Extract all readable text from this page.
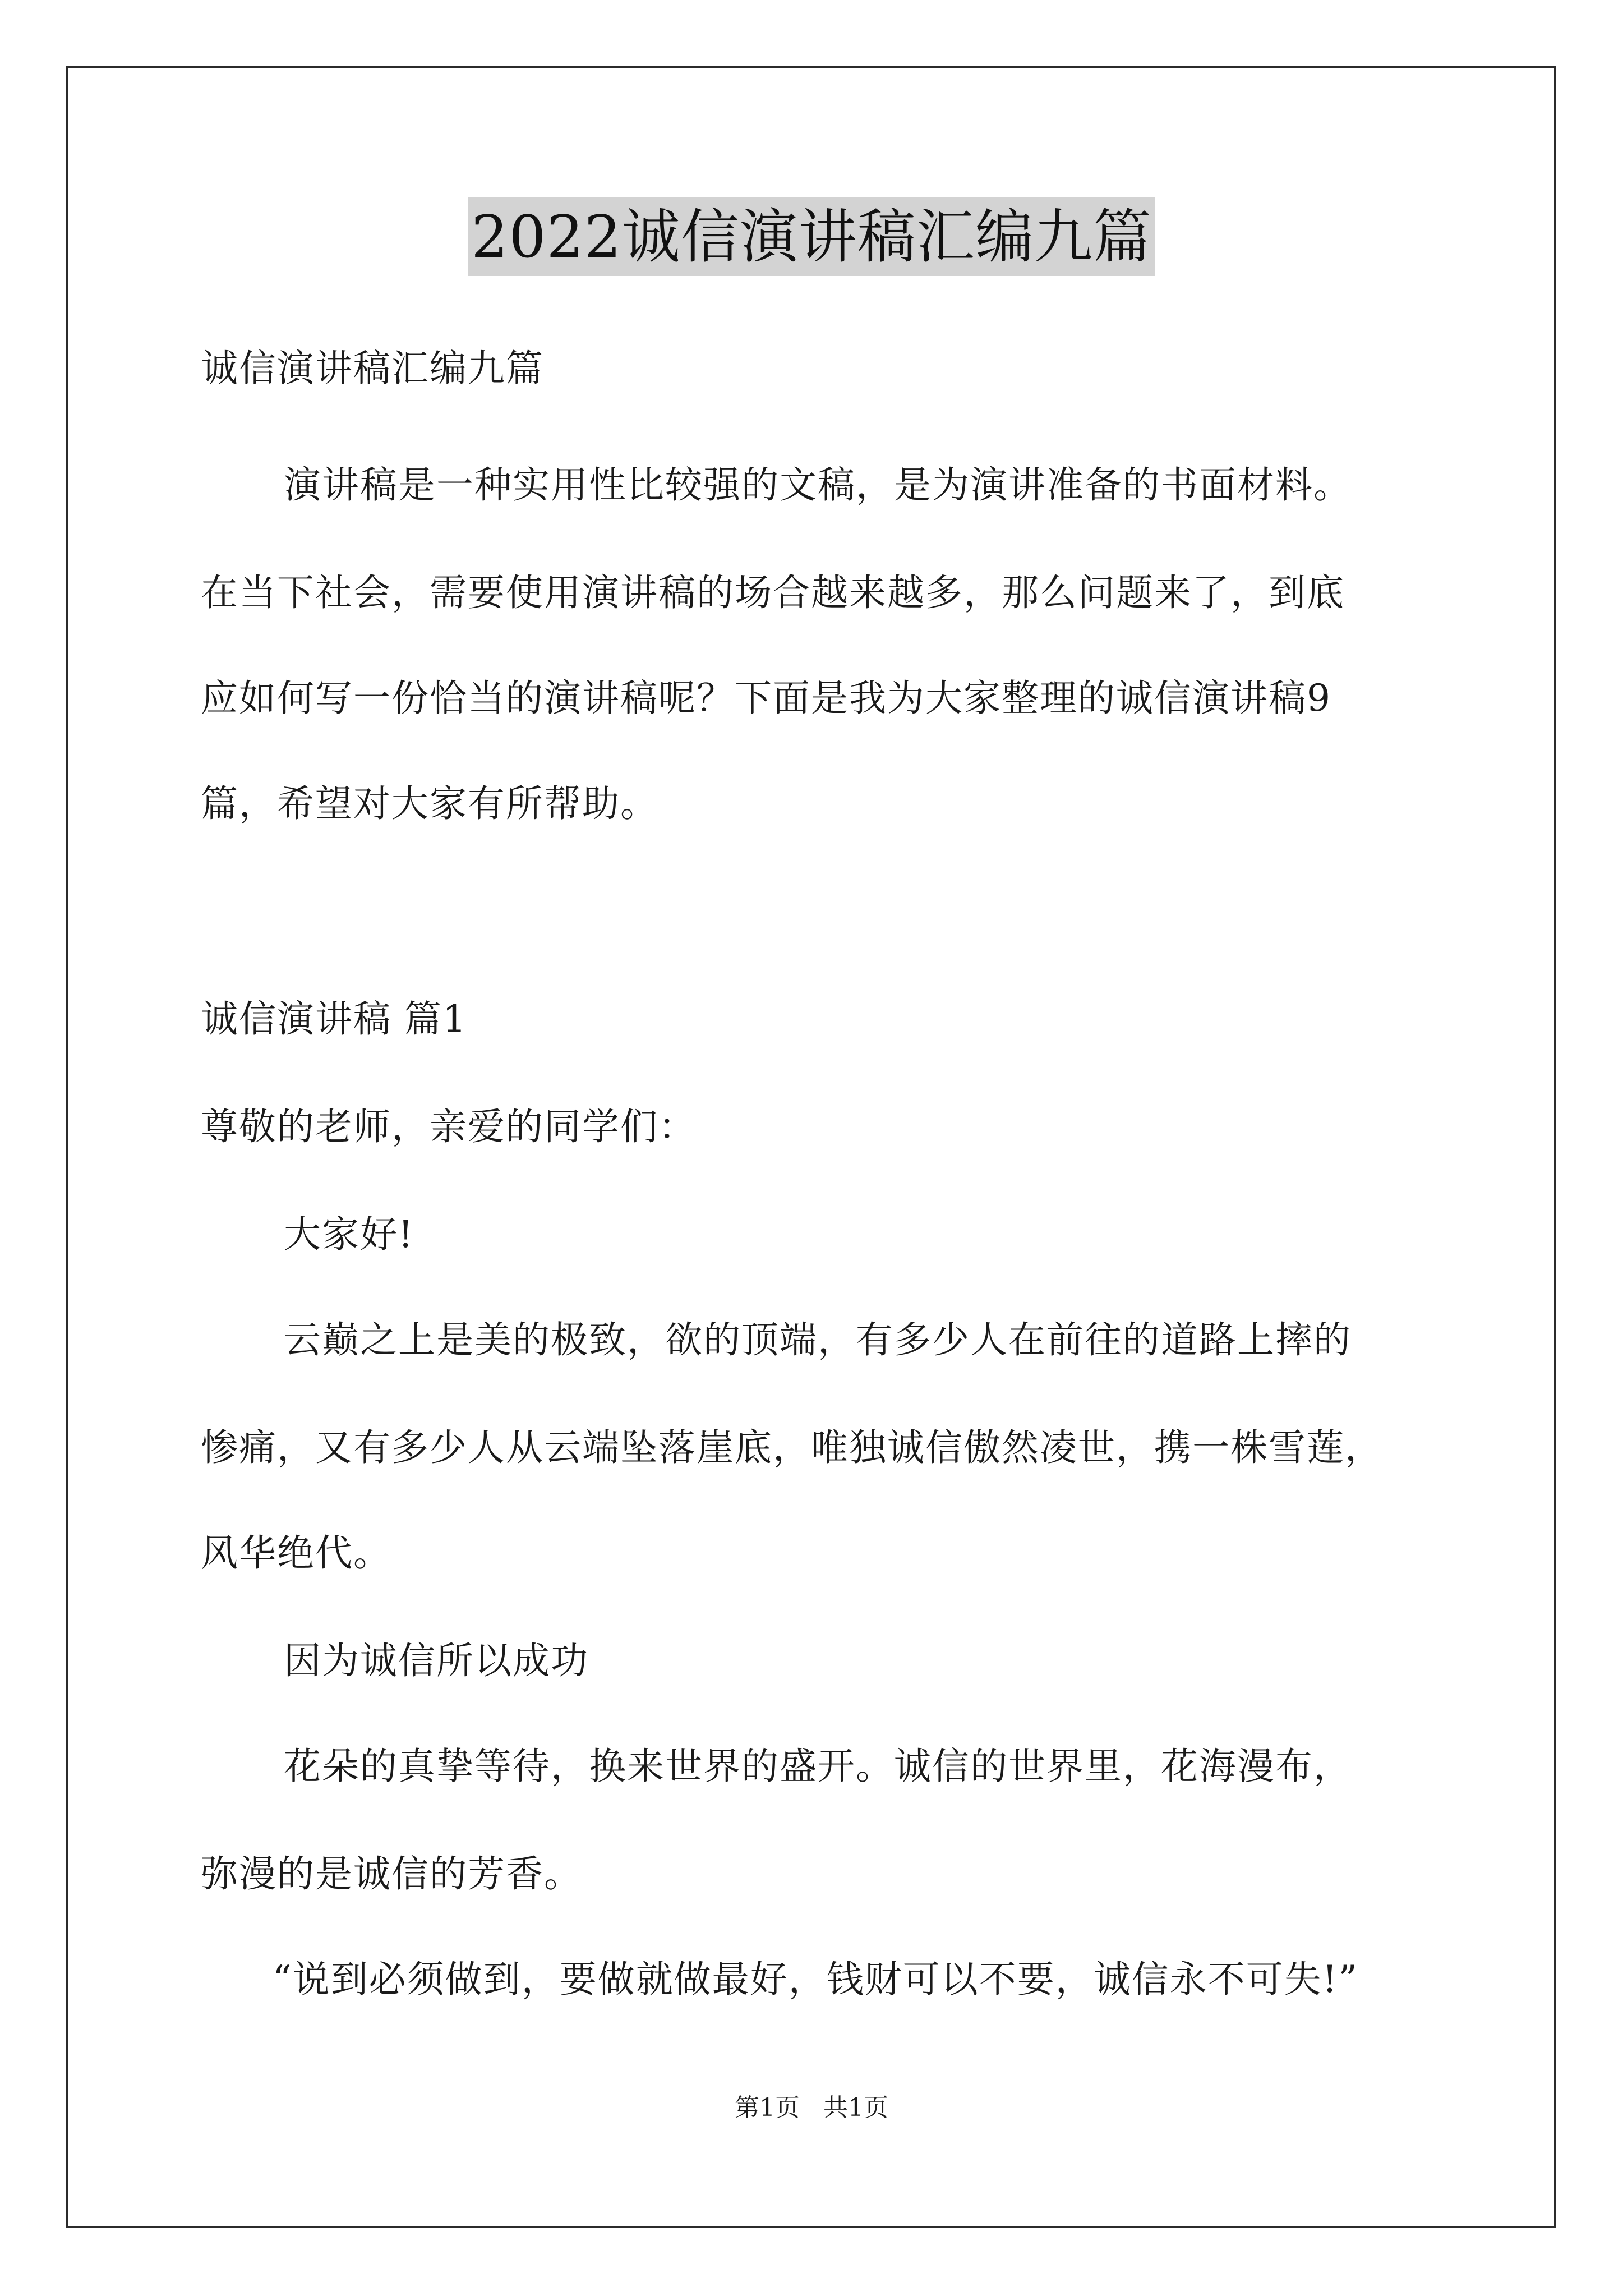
2022诚信演讲稿汇编九篇
诚信演讲稿汇编九篇
演讲稿是一种实用性比较强的文稿，是为演讲准备的书面材料。
在当下社会，需要使用演讲稿的场合越来越多，那么问题来了，到底
应如何写一份恰当的演讲稿呢？下面是我为大家整理的诚信演讲稿9
篇，希望对大家有所帮助。
诚信演讲稿 篇1
尊敬的老师，亲爱的同学们：
大家好!
云巅之上是美的极致，欲的顶端，有多少人在前往的道路上摔的
惨痛，又有多少人从云端坠落崖底，唯独诚信傲然凌世，携一株雪莲，
风华绝代。
因为诚信所以成功
花朵的真挚等待，换来世界的盛开。诚信的世界里，花海漫布，
弥漫的是诚信的芳香。
“说到必须做到，要做就做最好，钱财可以不要，诚信永不可失!”
第1页 共1页
